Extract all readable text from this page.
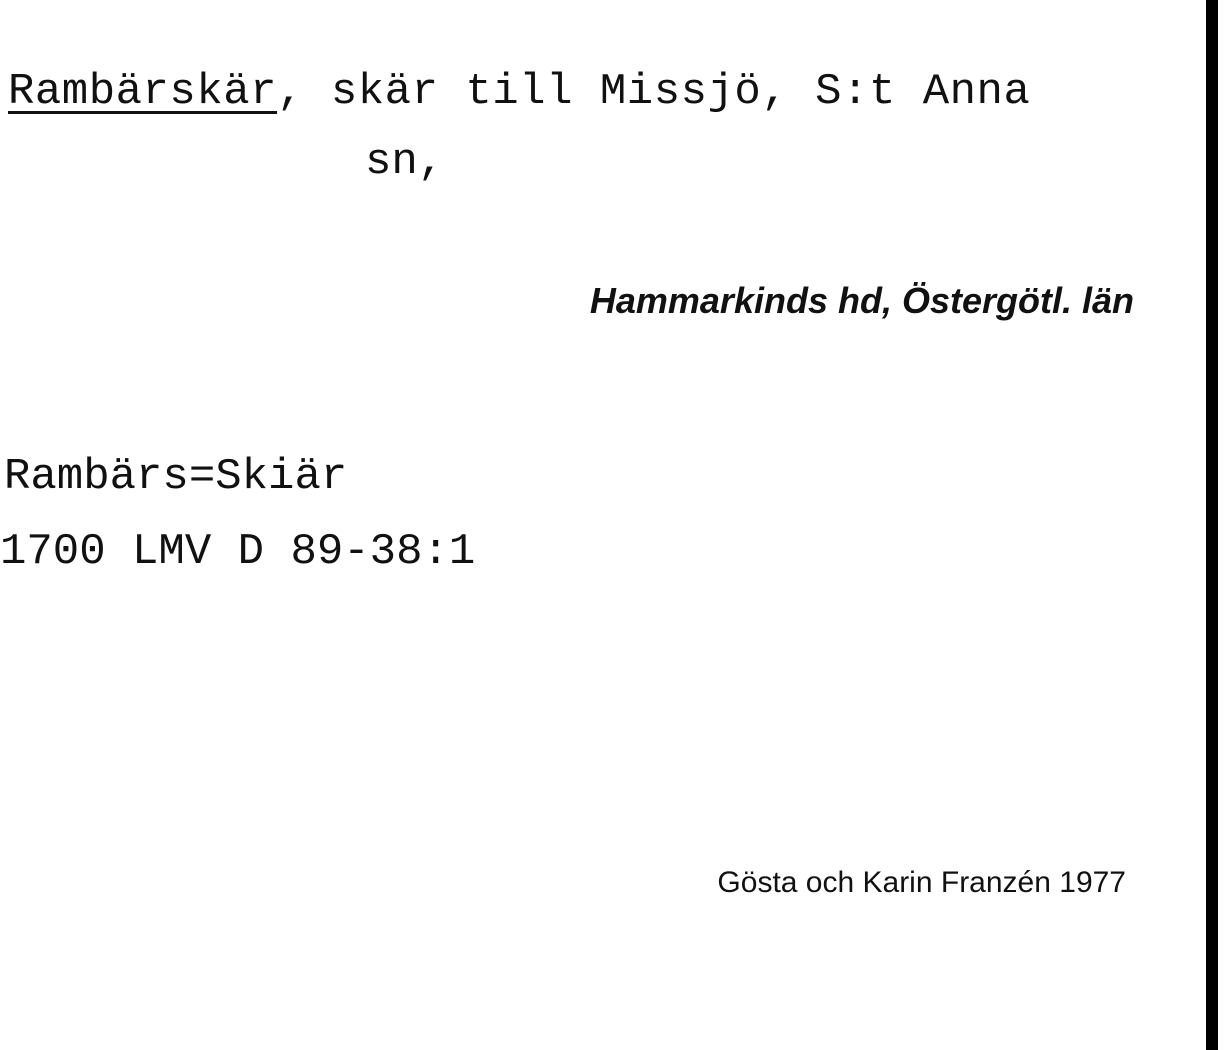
Rambärskär, skär till Missjö, S:t Anna
sn,
Hammarkinds hd, Östergötl. län
Rambärs=Skiär
1700 LMV D 89-38:1
Gösta och Karin Franzén 1977
